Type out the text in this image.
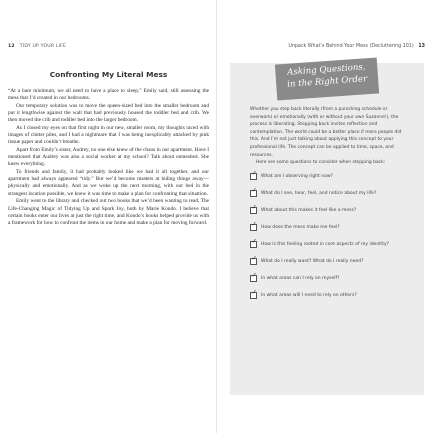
12 TIDY UP YOUR LIFE	Unpack What’s Behind Your Mess (Decluttering 101) 13
Confronting My Literal Mess

“At a bare minimum, we all need to have a place to sleep,” Emily said, still assessing the mess that I’d created in our bedrooms.

Our temporary solution was to move the queen-sized bed into the smaller bedroom and put it lengthwise against the wall that had previously housed the toddler bed and crib. We then moved the crib and toddler bed into the larger bedroom.

As I closed my eyes on that first night in our new, smaller room, my thoughts raced with images of clutter piles, and I had a nightmare that I was being inexplicably attacked by pink tissue paper and couldn’t breathe.

Apart from Emily’s sister, Audrey, no one else knew of the chaos in our apartment. Have I mentioned that Audrey was also a social worker at my school? Talk about enmeshed. She knew everything.

To friends and family, it had probably looked like we had it all together, and our apartment had always appeared “tidy.” But we’d become masters at hiding things away—physically and emotionally. And as we woke up the next morning, with our bed in the strangest location possible, we knew it was time to make a plan for confronting that situation.

Emily went to the library and checked out two books that we’d been wanting to read, The Life-Changing Magic of Tidying Up and Spark Joy, both by Marie Kondo. I believe that certain books enter our lives at just the right time, and Kondo’s books helped provide us with a framework for how to confront the items in our home and make a plan for moving forward.

Asking Questions,
in the Right Order

Whether you step back literally (from a punishing schedule or overwork) or emotionally (with or without your own Suzanne!), the process is liberating. Stepping back invites reflection and contemplation. The world could be a better place if more people did this. And I’m not just talking about applying this concept to your professional life. The concept can be applied to time, space, and resources.

Here are some questions to consider when stepping back:

✓
What am I observing right now?
✓
What do I see, hear, feel, and notice about my life?
✓
What about this makes it feel like a mess?
✓
How does the mess make me feel?
✓
How is this feeling rooted in core aspects of my identity?
✓
What do I really want? What do I really need?
✓
In what areas can I rely on myself?
✓
In what areas will I need to rely on others?
